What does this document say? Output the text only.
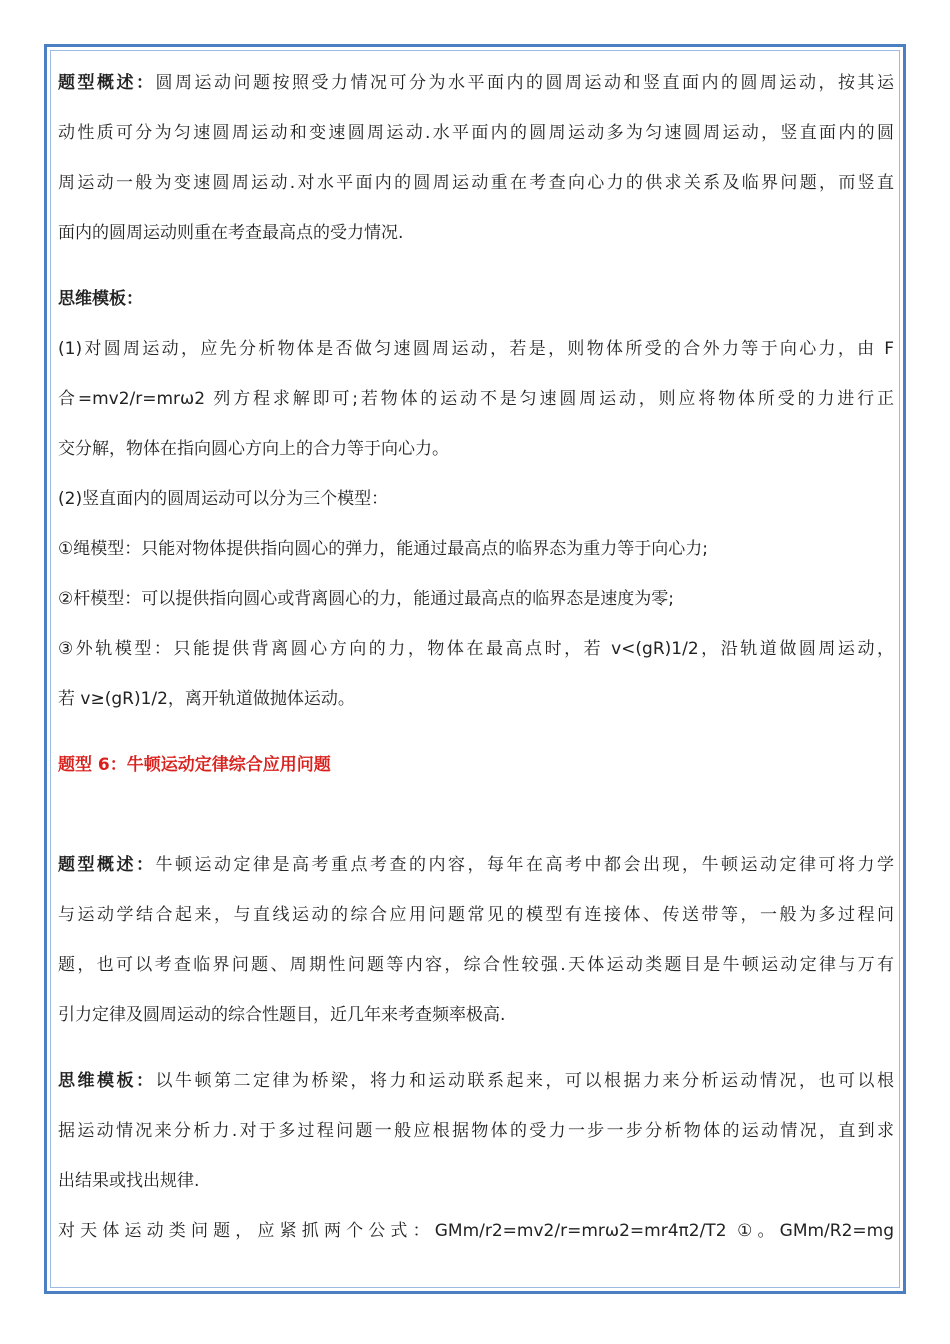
题型概述：圆周运动问题按照受力情况可分为水平面内的圆周运动和竖直面内的圆周运动，按其运
动性质可分为匀速圆周运动和变速圆周运动.水平面内的圆周运动多为匀速圆周运动，竖直面内的圆
周运动一般为变速圆周运动.对水平面内的圆周运动重在考查向心力的供求关系及临界问题，而竖直
面内的圆周运动则重在考查最高点的受力情况.
思维模板：
(1)对圆周运动，应先分析物体是否做匀速圆周运动，若是，则物体所受的合外力等于向心力，由 F
合=mv2/r=mrω2 列方程求解即可;若物体的运动不是匀速圆周运动，则应将物体所受的力进行正
交分解，物体在指向圆心方向上的合力等于向心力。
(2)竖直面内的圆周运动可以分为三个模型：
①绳模型：只能对物体提供指向圆心的弹力，能通过最高点的临界态为重力等于向心力;
②杆模型：可以提供指向圆心或背离圆心的力，能通过最高点的临界态是速度为零;
③外轨模型：只能提供背离圆心方向的力，物体在最高点时，若 v<(gR)1/2，沿轨道做圆周运动，
若 v≥(gR)1/2，离开轨道做抛体运动。
题型 6：牛顿运动定律综合应用问题
题型概述：牛顿运动定律是高考重点考查的内容，每年在高考中都会出现，牛顿运动定律可将力学
与运动学结合起来，与直线运动的综合应用问题常见的模型有连接体、传送带等，一般为多过程问
题，也可以考查临界问题、周期性问题等内容，综合性较强.天体运动类题目是牛顿运动定律与万有
引力定律及圆周运动的综合性题目，近几年来考查频率极高.
思维模板：以牛顿第二定律为桥梁，将力和运动联系起来，可以根据力来分析运动情况，也可以根
据运动情况来分析力.对于多过程问题一般应根据物体的受力一步一步分析物体的运动情况，直到求
出结果或找出规律.
对天体运动类问题，应紧抓两个公式：GMm/r2=mv2/r=mrω2=mr4π2/T2 ①。GMm/R2=mg
